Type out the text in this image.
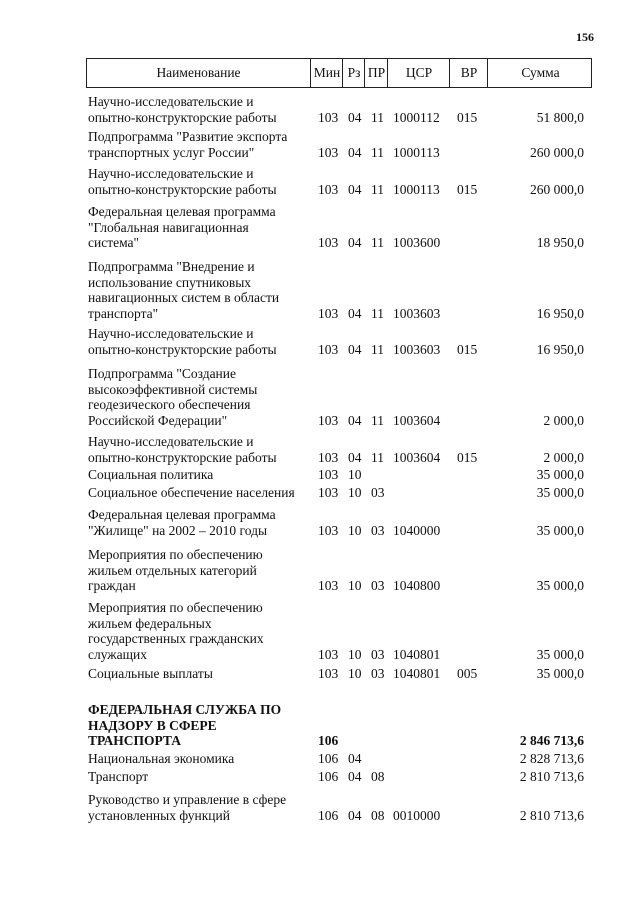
156
Наименование	Мин Рз ПР	ЦСР	ВР	Сумма
Научно-исследовательские и
опытно-конструкторские работы	103 04 11 1000112 015	51 800,0
Подпрограмма "Развитие экспорта
транспортных услуг России"	103 04 11 1000113	260 000,0
Научно-исследовательские и
опытно-конструкторские работы	103 04 11 1000113 015	260 000,0
Федеральная целевая программа
"Глобальная навигационная
система"	103 04 11 1003600	18 950,0
Подпрограмма "Внедрение и
использование спутниковых
навигационных систем в области
транспорта"	103 04 11 1003603	16 950,0
Научно-исследовательские и
опытно-конструкторские работы	103 04 11 1003603 015	16 950,0
Подпрограмма "Создание
высокоэффективной системы
геодезического обеспечения
Российской Федерации"	103 04 11 1003604	2 000,0
Научно-исследовательские и
опытно-конструкторские работы	103 04 11 1003604 015	2 000,0
Социальная политика	103 10	35 000,0
Социальное обеспечение населения	103 10 03	35 000,0
Федеральная целевая программа
"Жилище" на 2002 – 2010 годы	103 10 03 1040000	35 000,0
Мероприятия по обеспечению
жильем отдельных категорий
граждан	103 10 03 1040800	35 000,0
Мероприятия по обеспечению
жильем федеральных
государственных гражданских
служащих	103 10 03 1040801	35 000,0
Социальные выплаты	103 10 03 1040801 005	35 000,0
ФЕДЕРАЛЬНАЯ СЛУЖБА ПО
НАДЗОРУ В СФЕРЕ
ТРАНСПОРТА	106	2 846 713,6
Национальная экономика	106 04	2 828 713,6
Транспорт	106 04 08	2 810 713,6
Руководство и управление в сфере
установленных функций	106 04 08 0010000	2 810 713,6
